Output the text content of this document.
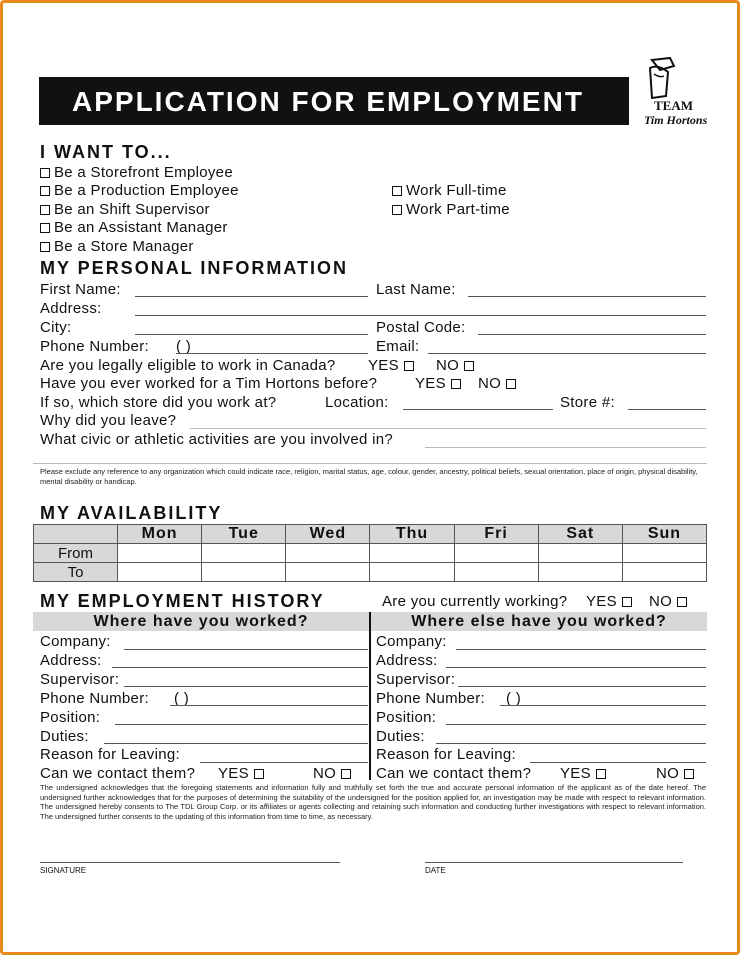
APPLICATION FOR EMPLOYMENT	TEAM
Tim Hortons
I WANT TO...
Be a Storefront Employee
Be a Production Employee
Be an Shift Supervisor
Be an Assistant Manager
Be a Store Manager
Work Full-time
Work Part-time
MY PERSONAL INFORMATION
First Name:	Last Name:
Address:
City:	Postal Code:
Phone Number: ( )	Email:
Are you legally eligible to work in Canada? YES	NO
Have you ever worked for a Tim Hortons before?	YES	NO
If so, which store did you work at?	Location:	Store #:
Why did you leave?
What civic or athletic activities are you involved in?
Please exclude any reference to any organization which could indicate race, religion, marital status, age, colour, gender, ancestry, political beliefs, sexual orientation, place of origin, physical disability, mental disability or handicap.
MY AVAILABILITY
	Mon	Tue	Wed	Thu	Fri	Sat	Sun
From							
To							
MY EMPLOYMENT HISTORY	Are you currently working? YES	NO
Where have you worked?	Where else have you worked?
Company:
Address:
Supervisor:
Phone Number: ( )
Position:
Duties:
Reason for Leaving:
Can we contact them? YES	NO
Company:
Address:
Supervisor:
Phone Number: ( )
Position:
Duties:
Reason for Leaving:
Can we contact them? YES	NO
The undersigned acknowledges that the foregoing statements and information fully and truthfully set forth the true and accurate personal information of the applicant as of the date hereof. The undersigned further acknowledges that for the purposes of determining the suitability of the undersigned for the position applied for, an investigation may be made with respect to relevant information. The undersigned hereby consents to The TDL Group Corp. or its affiliates or agents collecting and retaining such information and conducting further investigations with respect to relevant information. The undersigned further consents to the updating of this information from time to time, as necessary.
SIGNATURE	DATE
